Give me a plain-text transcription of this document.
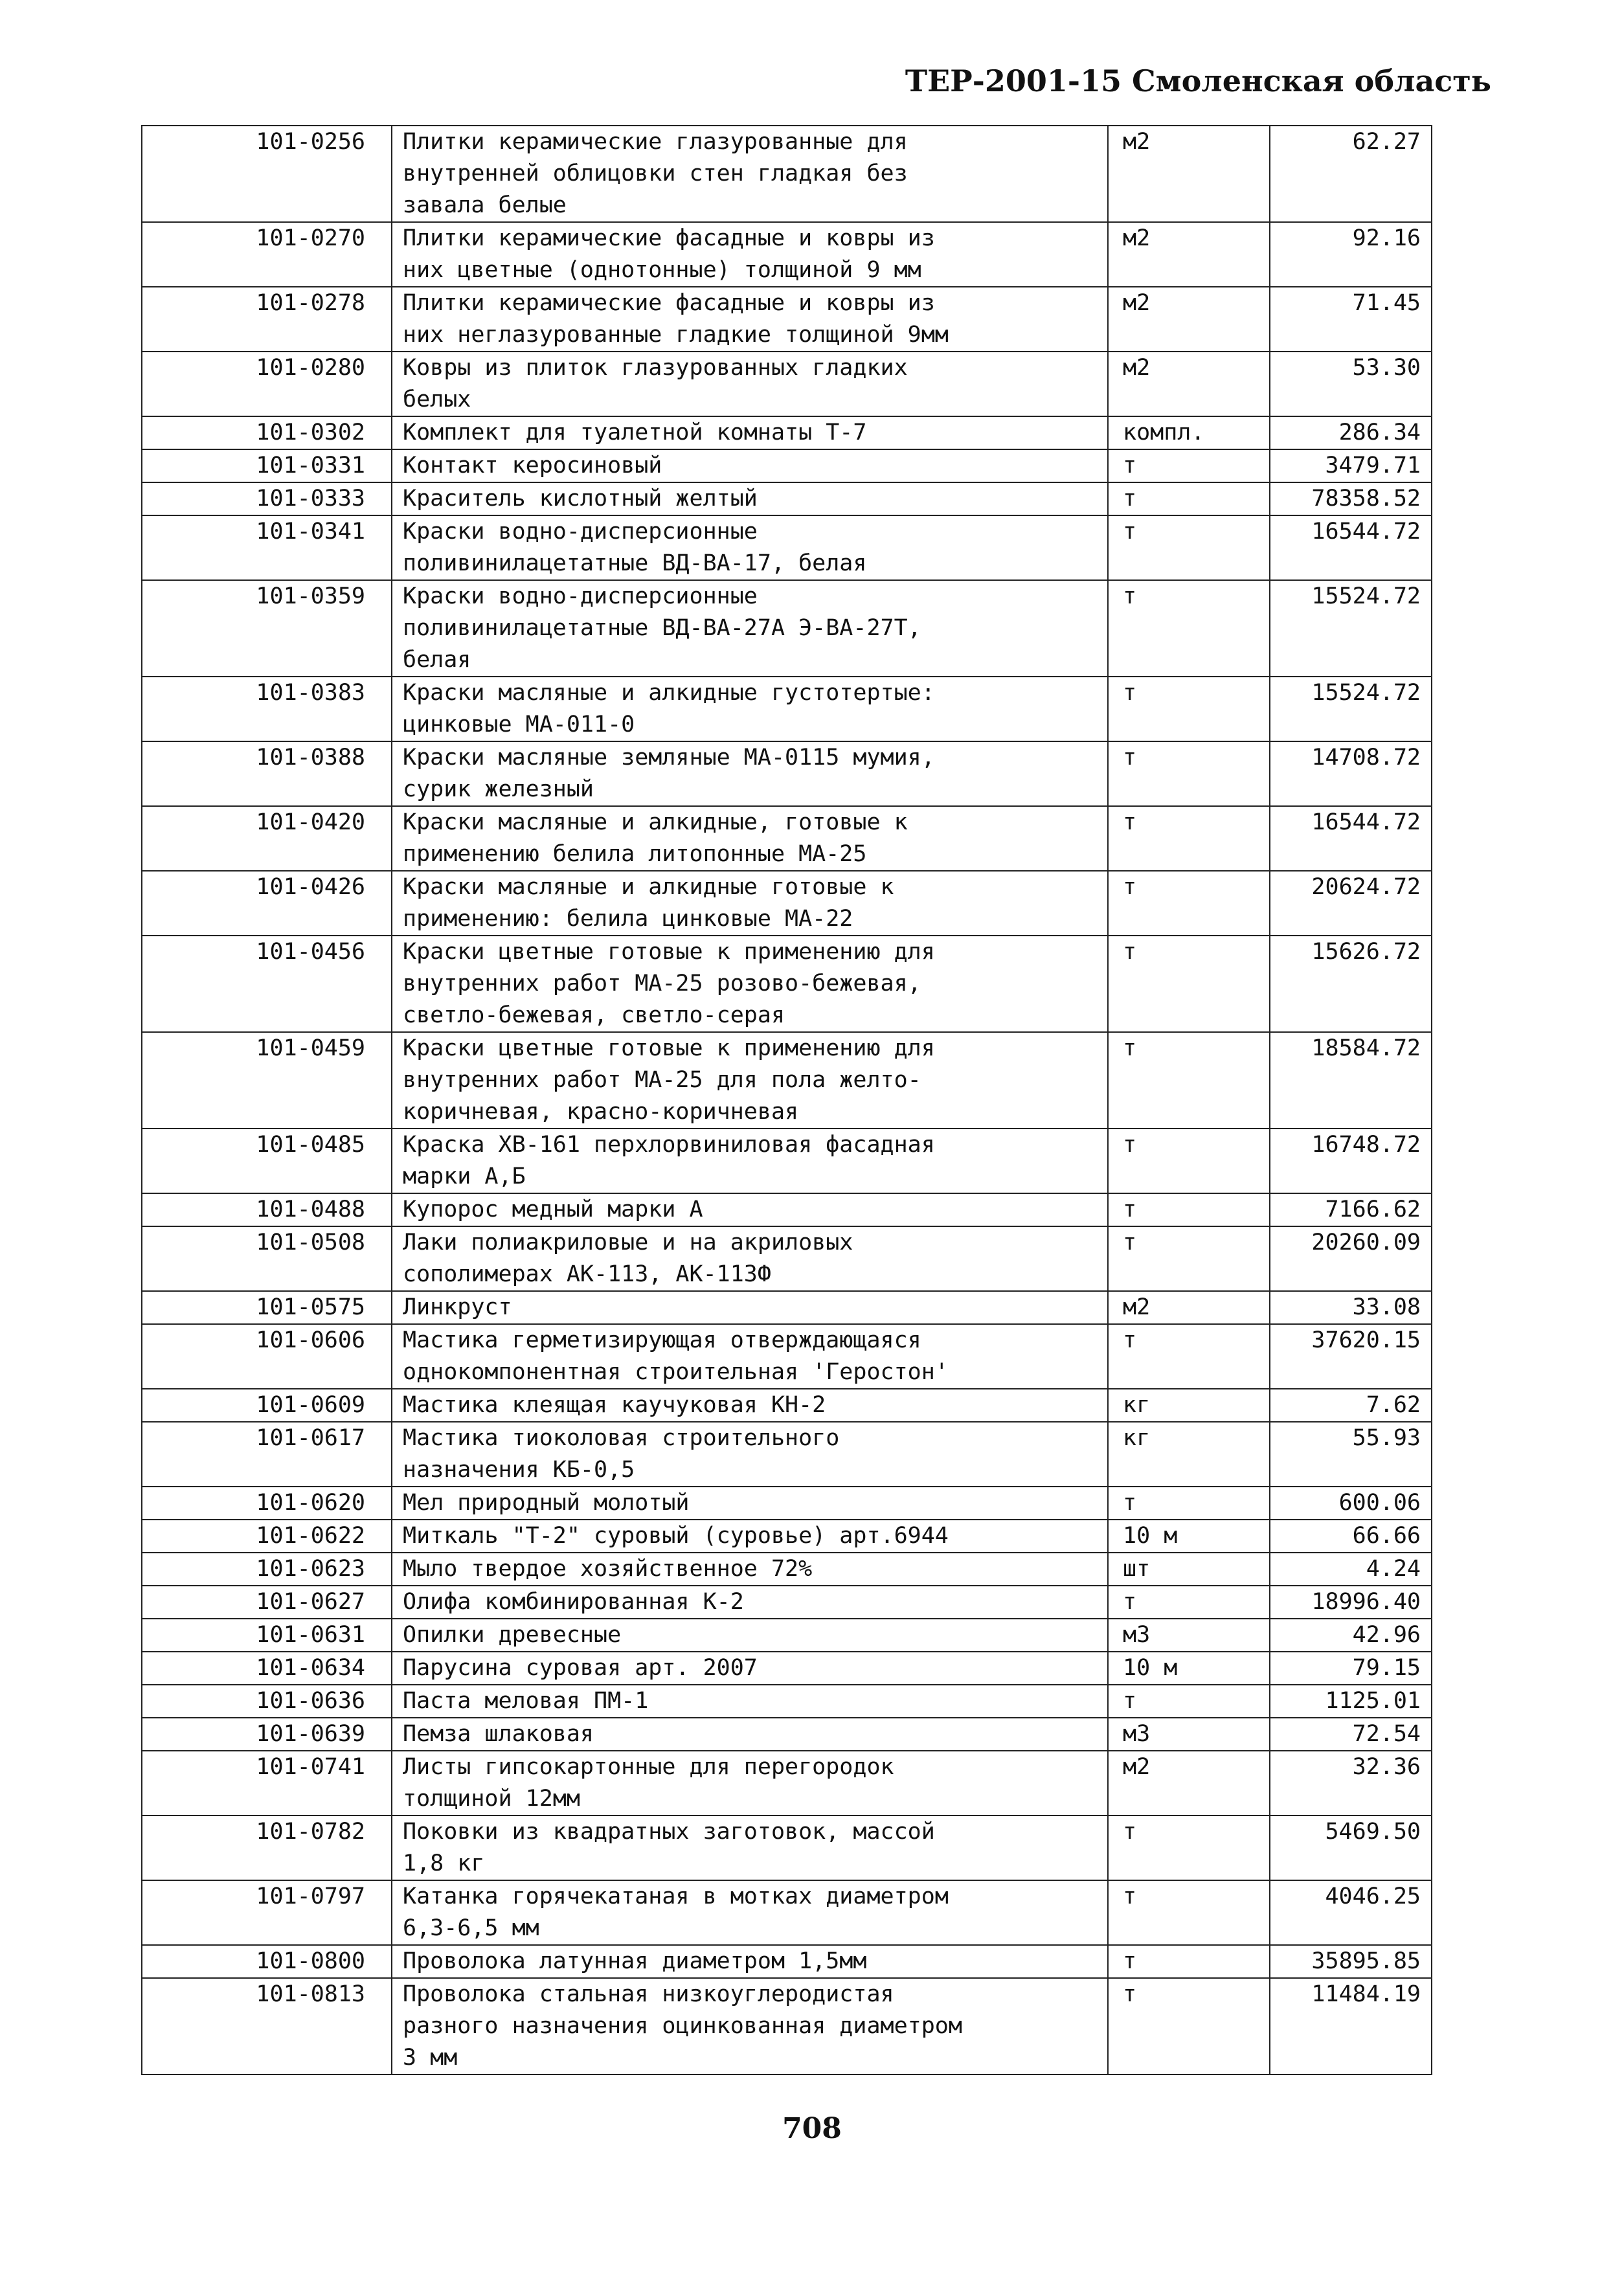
ТЕР-2001-15 Смоленская область
101-0256	Плитки керамические глазурованные для
внутренней облицовки стен гладкая без
завала белые	м2	62.27
101-0270	Плитки керамические фасадные и ковры из
них цветные (однотонные) толщиной 9 мм	м2	92.16
101-0278	Плитки керамические фасадные и ковры из
них неглазурованные гладкие толщиной 9мм	м2	71.45
101-0280	Ковры из плиток глазурованных гладких
белых	м2	53.30
101-0302	Комплект для туалетной комнаты Т-7	компл.	286.34
101-0331	Контакт керосиновый	т	3479.71
101-0333	Краситель кислотный желтый	т	78358.52
101-0341	Краски водно-дисперсионные
поливинилацетатные ВД-ВА-17, белая	т	16544.72
101-0359	Краски водно-дисперсионные
поливинилацетатные ВД-ВА-27А Э-ВА-27Т,
белая	т	15524.72
101-0383	Краски масляные и алкидные густотертые:
цинковые МА-011-0	т	15524.72
101-0388	Краски масляные земляные МА-0115 мумия,
сурик железный	т	14708.72
101-0420	Краски масляные и алкидные, готовые к
применению белила литопонные МА-25	т	16544.72
101-0426	Краски масляные и алкидные готовые к
применению: белила цинковые МА-22	т	20624.72
101-0456	Краски цветные готовые к применению для
внутренних работ МА-25 розово-бежевая,
светло-бежевая, светло-серая	т	15626.72
101-0459	Краски цветные готовые к применению для
внутренних работ МА-25 для пола желто-
коричневая, красно-коричневая	т	18584.72
101-0485	Краска ХВ-161 перхлорвиниловая фасадная
марки А,Б	т	16748.72
101-0488	Купорос медный марки А	т	7166.62
101-0508	Лаки полиакриловые и на акриловых
сополимерах АК-113, АК-113Ф	т	20260.09
101-0575	Линкруст	м2	33.08
101-0606	Мастика герметизирующая отверждающаяся
однокомпонентная строительная 'Геростон'	т	37620.15
101-0609	Мастика клеящая каучуковая КН-2	кг	7.62
101-0617	Мастика тиоколовая строительного
назначения КБ-0,5	кг	55.93
101-0620	Мел природный молотый	т	600.06
101-0622	Миткаль "Т-2" суровый (суровье) арт.6944	10 м	66.66
101-0623	Мыло твердое хозяйственное 72%	шт	4.24
101-0627	Олифа комбинированная К-2	т	18996.40
101-0631	Опилки древесные	м3	42.96
101-0634	Парусина суровая арт. 2007	10 м	79.15
101-0636	Паста меловая ПМ-1	т	1125.01
101-0639	Пемза шлаковая	м3	72.54
101-0741	Листы гипсокартонные для перегородок
толщиной 12мм	м2	32.36
101-0782	Поковки из квадратных заготовок, массой
1,8 кг	т	5469.50
101-0797	Катанка горячекатаная в мотках диаметром
6,3-6,5 мм	т	4046.25
101-0800	Проволока латунная диаметром 1,5мм	т	35895.85
101-0813	Проволока стальная низкоуглеродистая
разного назначения оцинкованная диаметром
3 мм	т	11484.19
708
